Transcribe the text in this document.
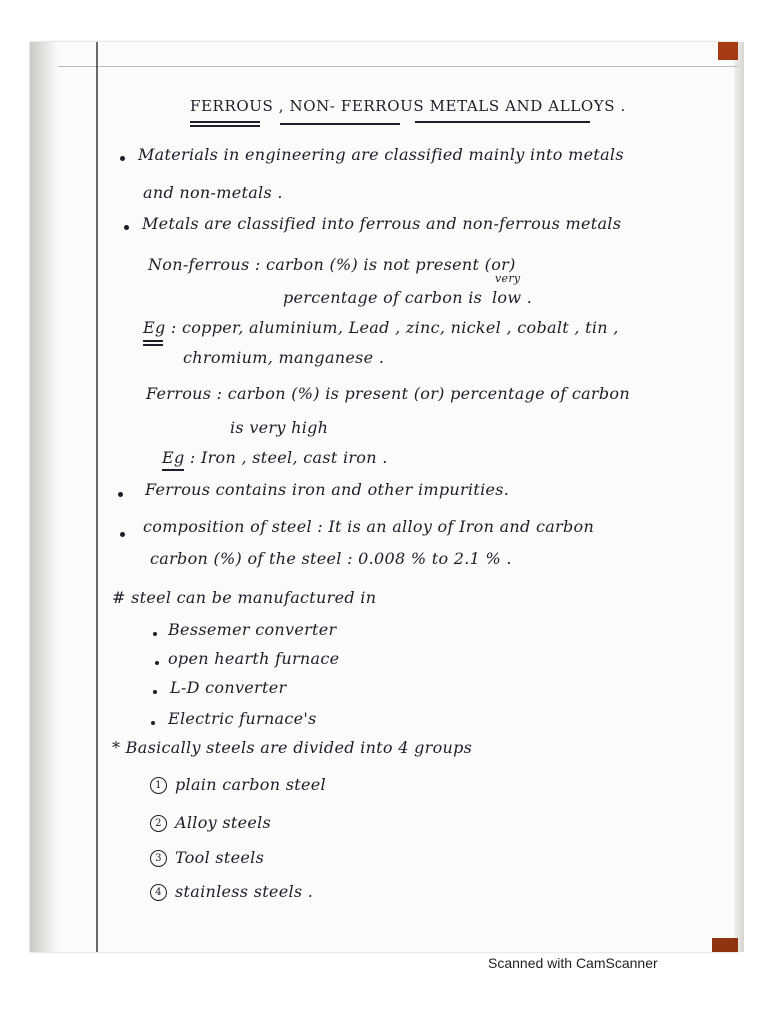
FERROUS , NON- FERROUS METALS AND ALLOYS .
Materials in engineering are classified mainly into metals
and non-metals .
Metals are classified into ferrous and non-ferrous metals
Non-ferrous : carbon (%) is not present (or)
percentage of carbon is
very
low .
Eg : copper, aluminium, Lead , zinc, nickel , cobalt , tin ,
chromium, manganese .
Ferrous : carbon (%) is present (or) percentage of carbon
is very high
Eg : Iron , steel, cast iron .
Ferrous contains iron and other impurities.
composition of steel : It is an alloy of Iron and carbon
carbon (%) of the steel : 0.008 % to 2.1 % .
# steel can be manufactured in
Bessemer converter
open hearth furnace
L-D converter
Electric furnace's
* Basically steels are divided into 4 groups
1 plain carbon steel
2 Alloy steels
3 Tool steels
4 stainless steels .
Scanned with CamScanner
